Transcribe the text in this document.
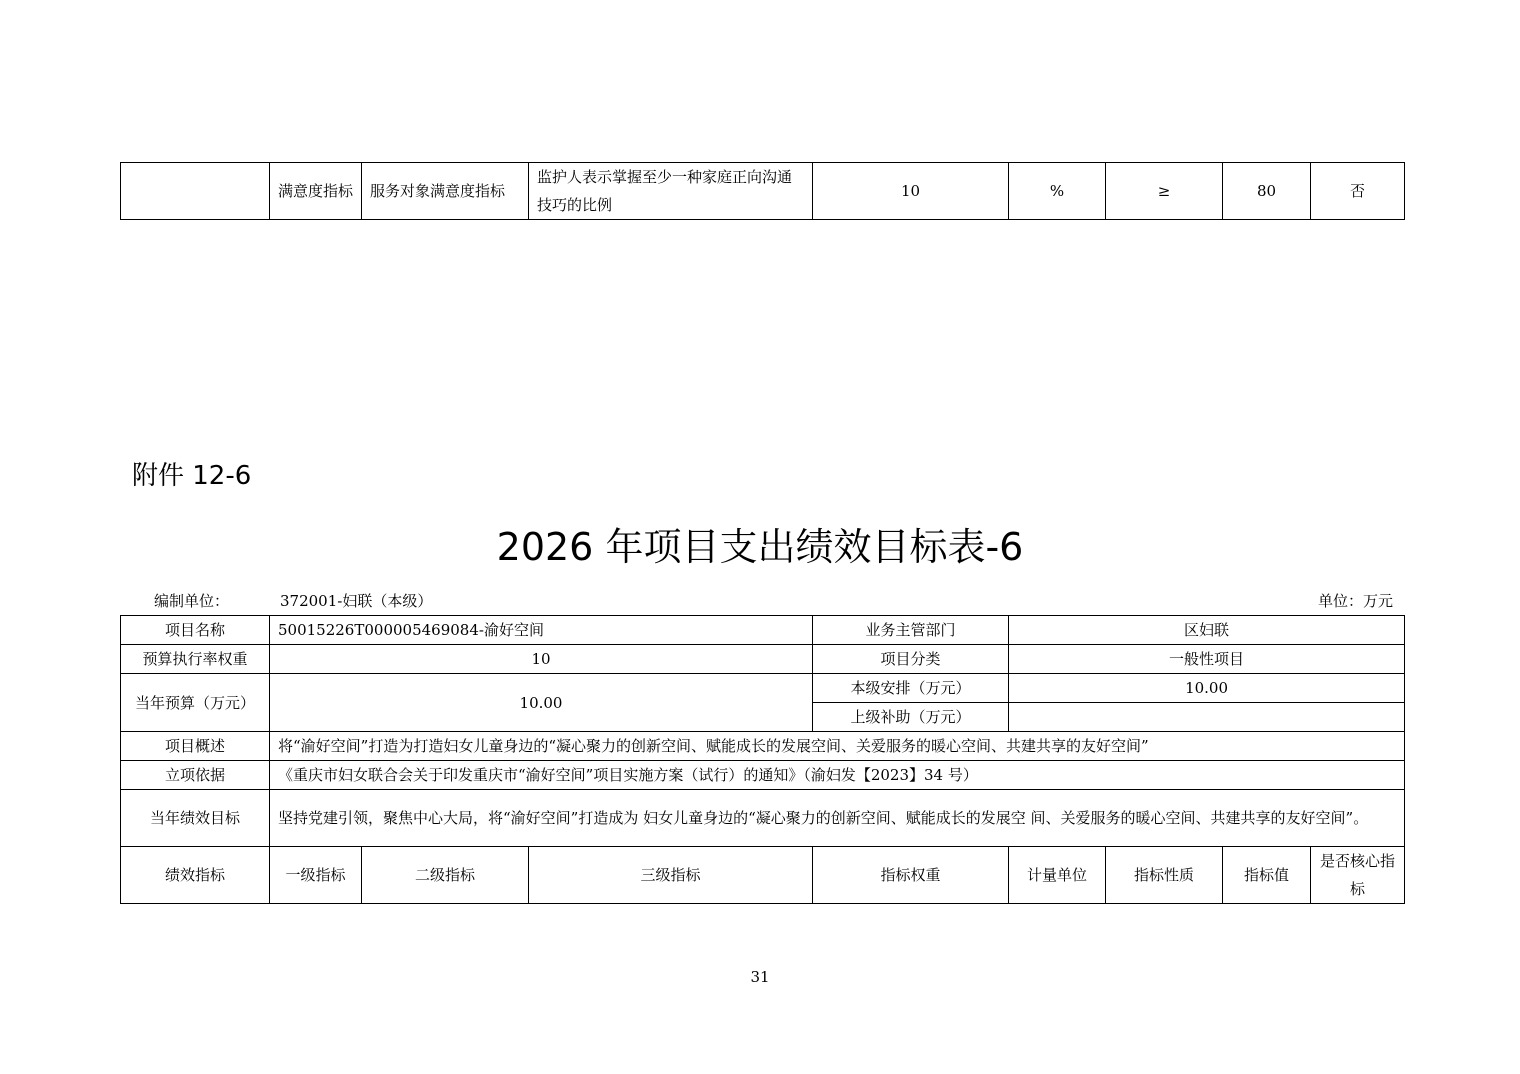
	满意度指标	服务对象满意度指标	监护人表示掌握至少一种家庭正向沟通技巧的比例	10	%	≥	80	否
附件 12-6
2026 年项目支出绩效目标表-6
编制单位：	372001-妇联（本级）	单位：万元
项目名称	50015226T000005469084-渝好空间			业务主管部门	区妇联			
预算执行率权重	10			项目分类	一般性项目			
当年预算（万元）	10.00			本级安排（万元）	10.00			
				上级补助（万元）				
项目概述	将“渝好空间”打造为打造妇女儿童身边的“凝心聚力的创新空间、赋能成长的发展空间、关爱服务的暖心空间、共建共享的友好空间”							
立项依据	《重庆市妇女联合会关于印发重庆市“渝好空间”项目实施方案（试行）的通知》（渝妇发【2023】34 号）							
当年绩效目标	坚持党建引领，聚焦中心大局，将“渝好空间”打造成为 妇女儿童身边的“凝心聚力的创新空间、赋能成长的发展空 间、关爱服务的暖心空间、共建共享的友好空间”。							
绩效指标	一级指标	二级指标	三级指标	指标权重	计量单位	指标性质	指标值	是否核心指标
31
